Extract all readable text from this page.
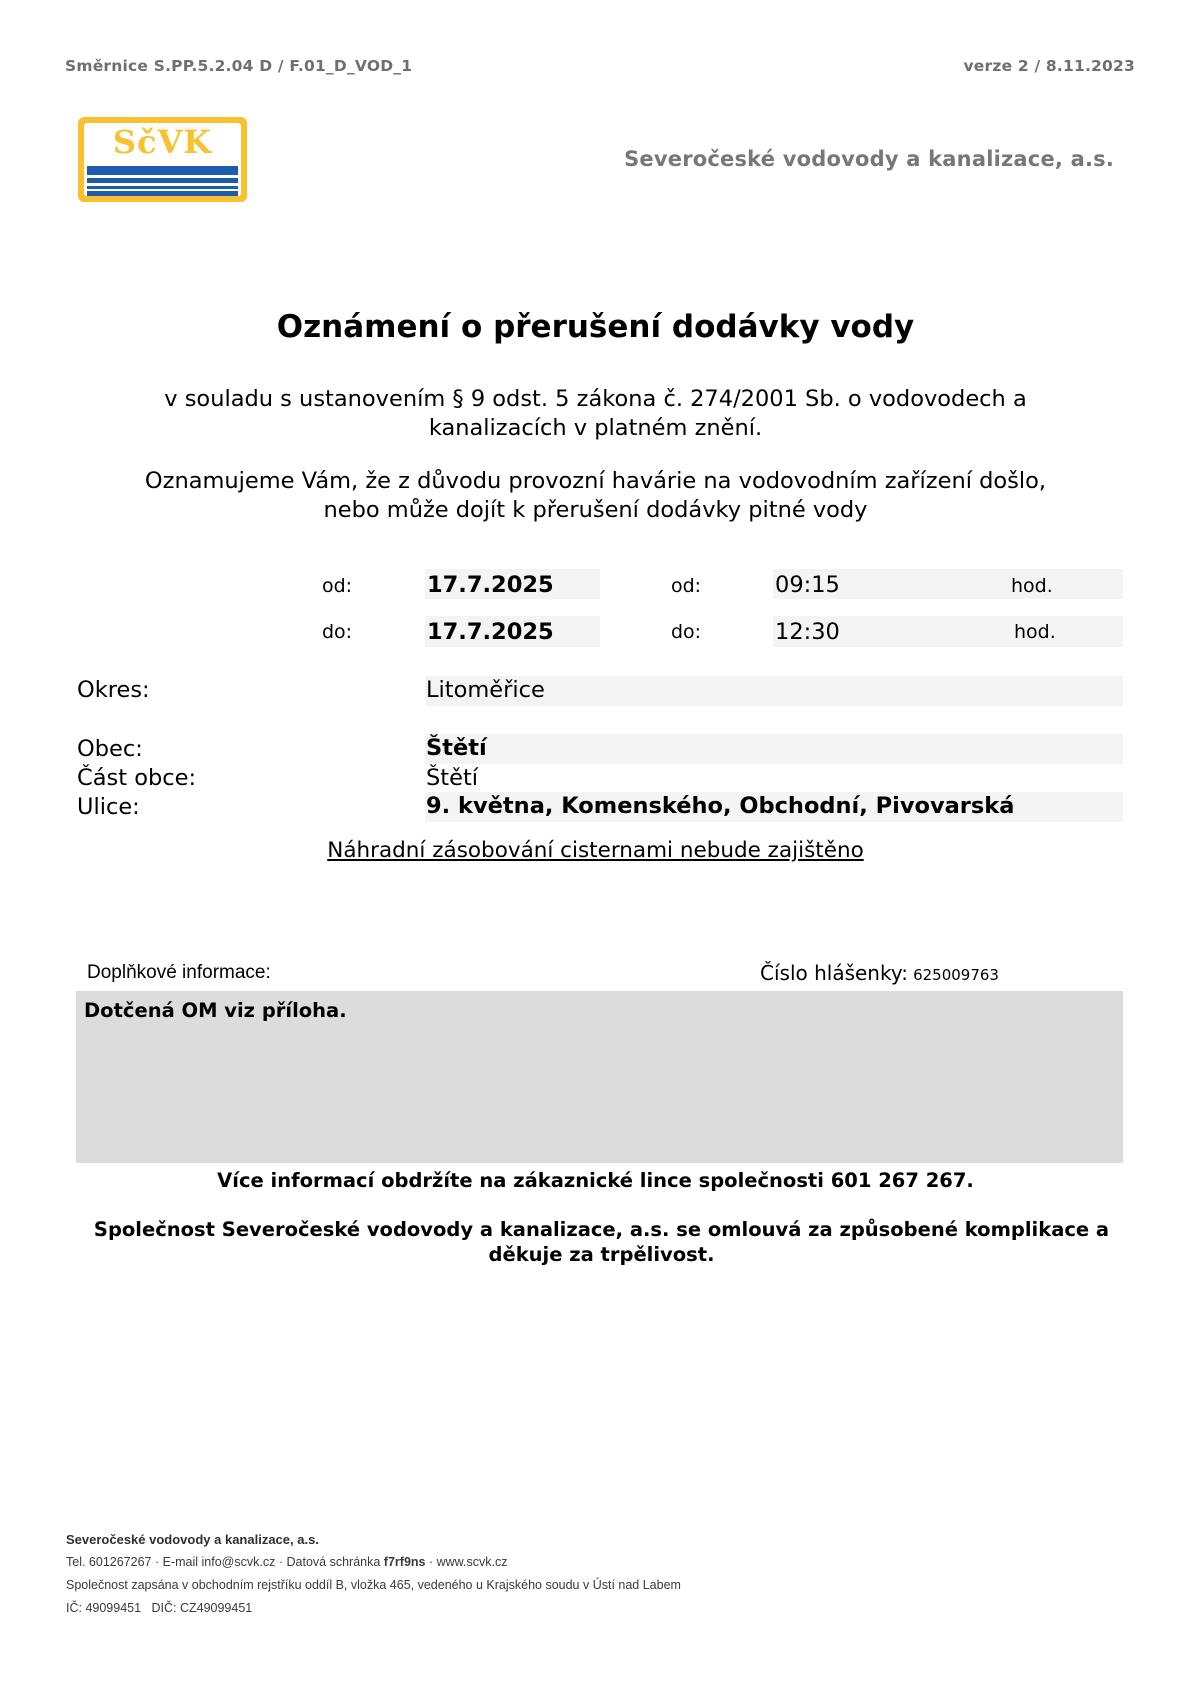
Směrnice S.PP.5.2.04 D / F.01_D_VOD_1	verze 2 / 8.11.2023
SčVK	Severočeské vodovody a kanalizace, a.s.
Oznámení o přerušení dodávky vody
v souladu s ustanovením § 9 odst. 5 zákona č. 274/2001 Sb. o vodovodech a kanalizacích v platném znění.
Oznamujeme Vám, že z důvodu provozní havárie na vodovodním zařízení došlo, nebo může dojít k přerušení dodávky pitné vody
od:	17.7.2025	od:	09:15	hod.
do:	17.7.2025	do:	12:30	hod.
Okres:	Litoměřice
Obec:	Štětí
Část obce:	Štětí
Ulice:	9. května, Komenského, Obchodní, Pivovarská
Náhradní zásobování cisternami nebude zajištěno
Doplňkové informace:	Číslo hlášenky: 625009763
Dotčená OM viz příloha.
Více informací obdržíte na zákaznické lince společnosti 601 267 267.
Společnost Severočeské vodovody a kanalizace, a.s. se omlouvá za způsobené komplikace a děkuje za trpělivost.
Severočeské vodovody a kanalizace, a.s.
Tel. 601267267 · E-mail info@scvk.cz · Datová schránka f7rf9ns · www.scvk.cz
Společnost zapsána v obchodním rejstříku oddíl B, vložka 465, vedeného u Krajského soudu v Ústí nad Labem
IČ: 49099451 DIČ: CZ49099451
